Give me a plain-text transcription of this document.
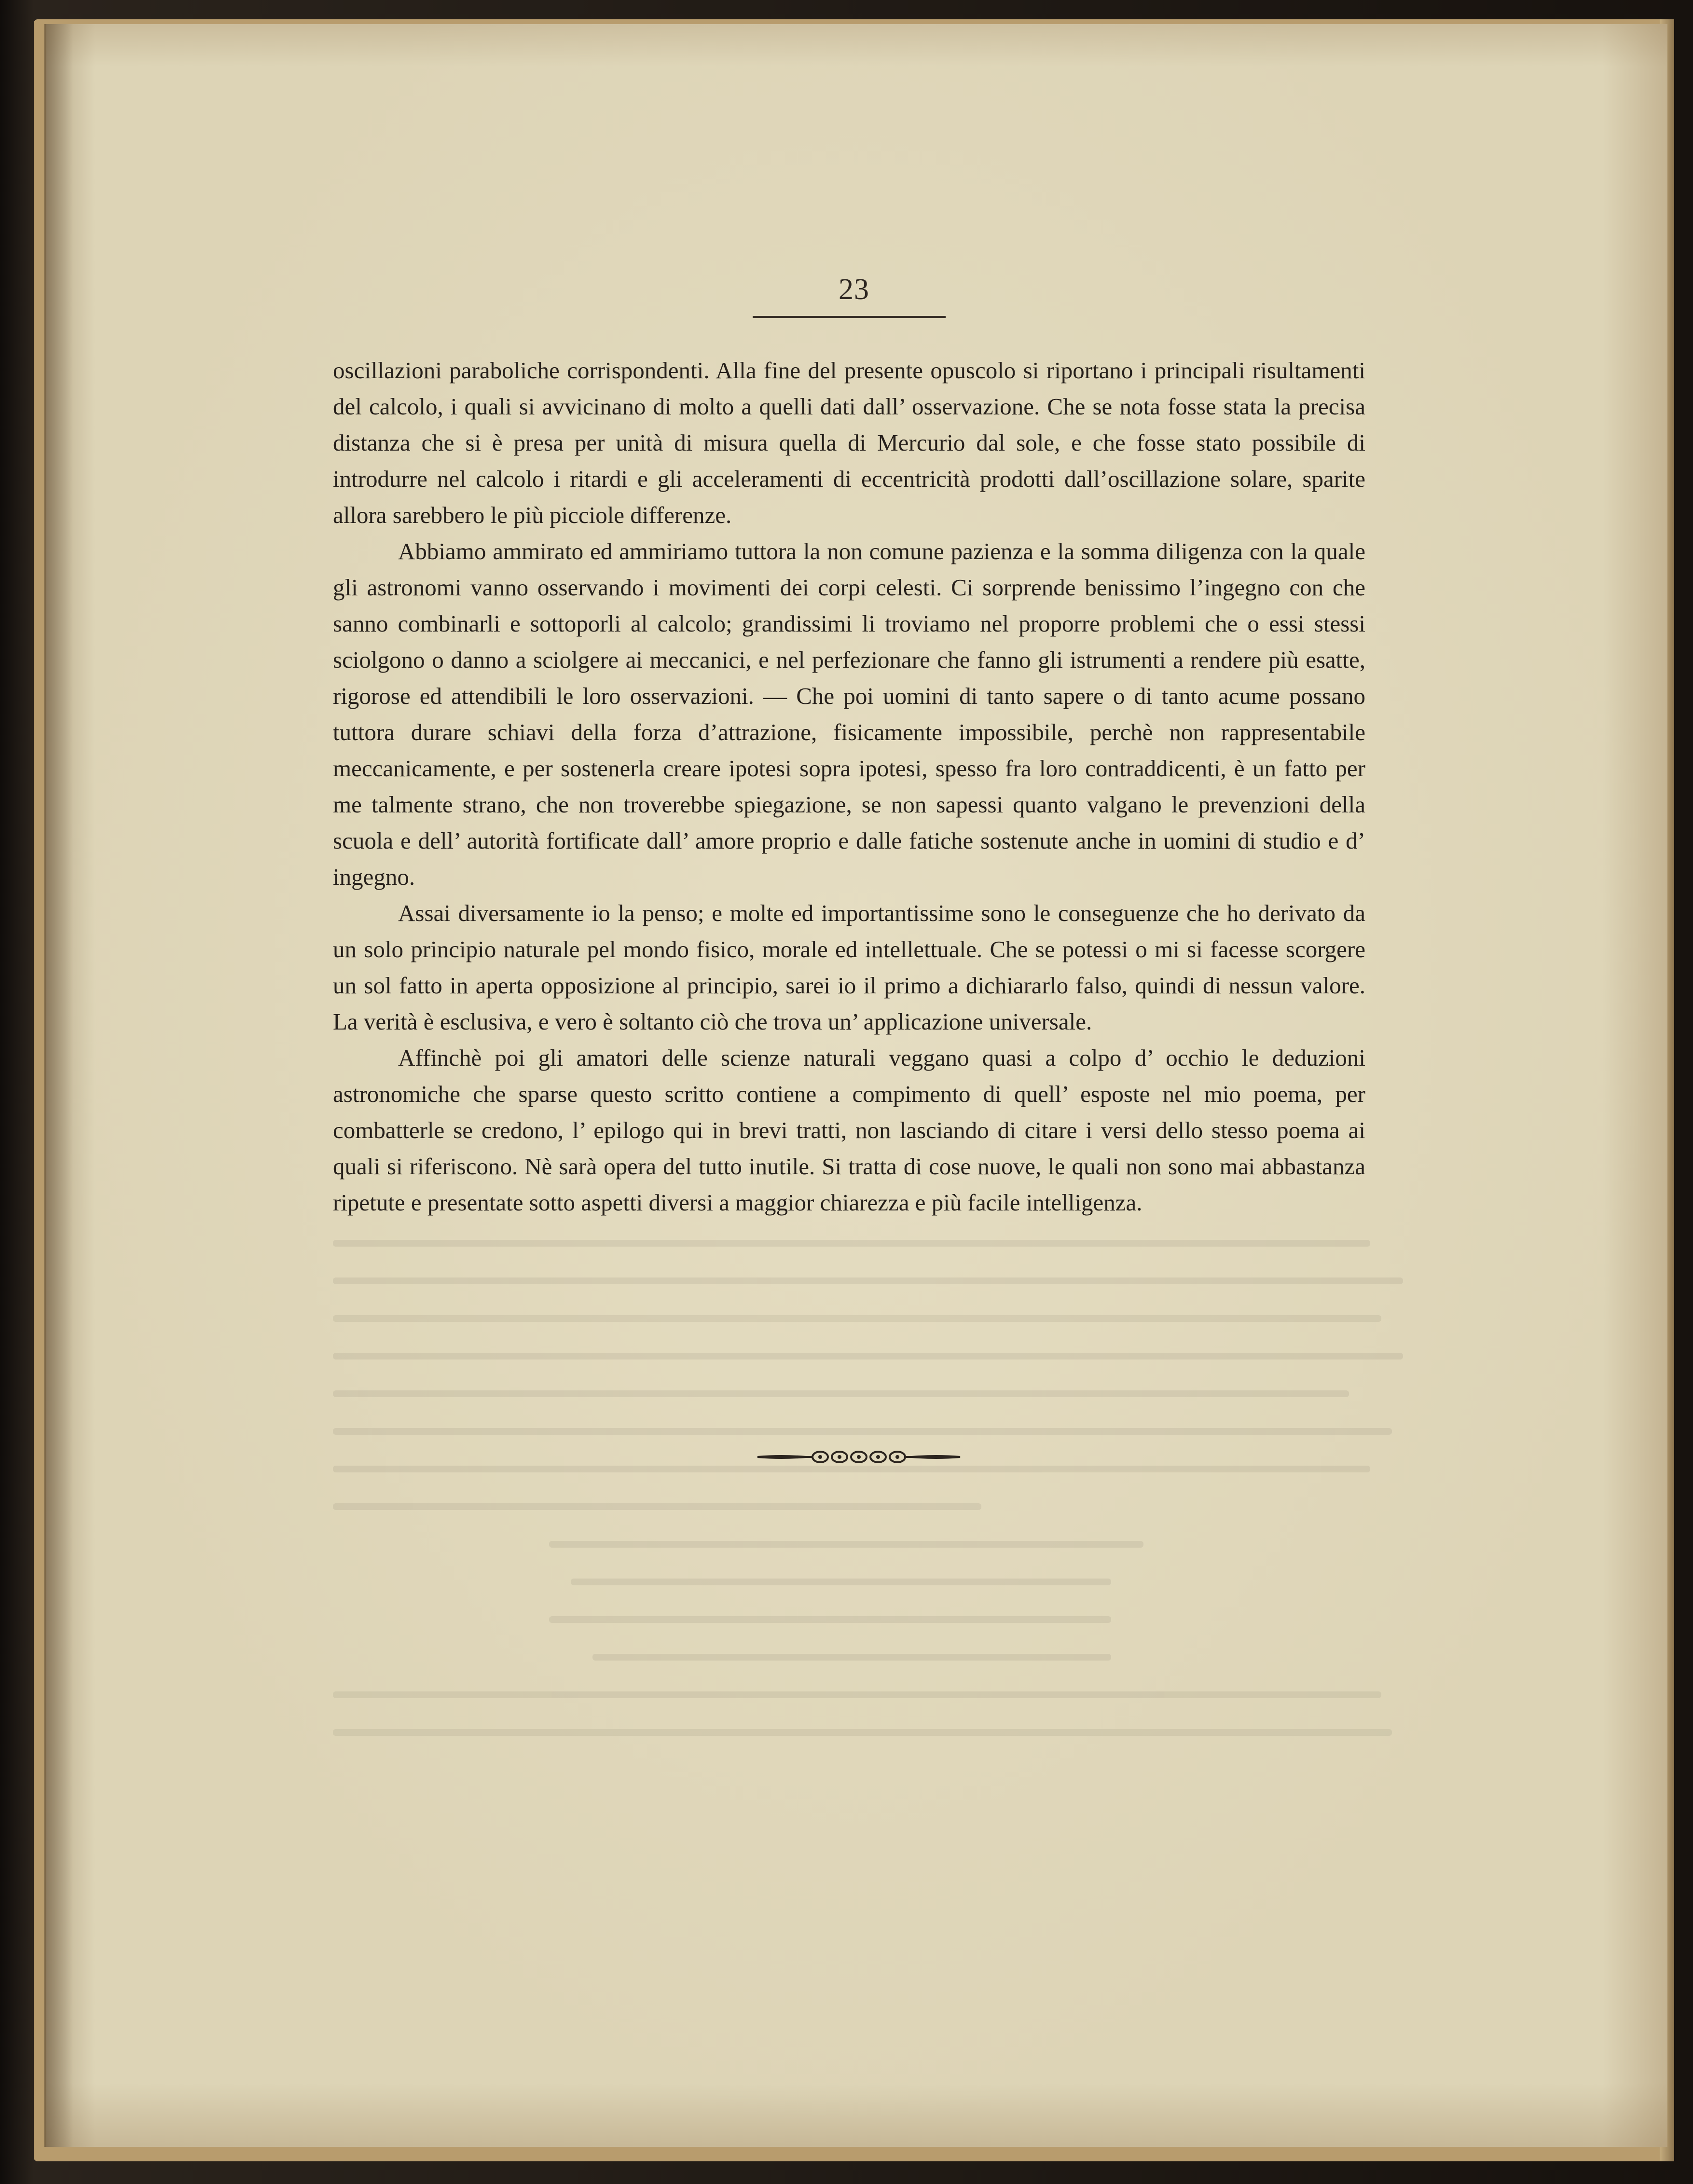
23

oscillazioni paraboliche corrispondenti. Alla fine del presente opuscolo si riportano i principali risultamenti del calcolo, i quali si avvicinano di molto a quelli dati dall’ osservazione. Che se nota fosse stata la precisa distanza che si è presa per unità di misura quella di Mercurio dal sole, e che fosse stato possibile di introdurre nel calcolo i ritardi e gli acceleramenti di eccentricità prodotti dall’oscillazione solare, sparite allora sarebbero le più picciole differenze.

Abbiamo ammirato ed ammiriamo tuttora la non comune pazienza e la somma diligenza con la quale gli astronomi vanno osservando i movimenti dei corpi celesti. Ci sorprende benissimo l’ingegno con che sanno combinarli e sottoporli al calcolo; grandissimi li troviamo nel proporre problemi che o essi stessi sciolgono o danno a sciolgere ai meccanici, e nel perfezionare che fanno gli istrumenti a rendere più esatte, rigorose ed attendibili le loro osservazioni. — Che poi uomini di tanto sapere o di tanto acume possano tuttora durare schiavi della forza d’attrazione, fisicamente impossibile, perchè non rappresentabile meccanicamente, e per sostenerla creare ipotesi sopra ipotesi, spesso fra loro contraddicenti, è un fatto per me talmente strano, che non troverebbe spiegazione, se non sapessi quanto valgano le prevenzioni della scuola e dell’ autorità fortificate dall’ amore proprio e dalle fatiche sostenute anche in uomini di studio e d’ ingegno.

Assai diversamente io la penso; e molte ed importantissime sono le conseguenze che ho derivato da un solo principio naturale pel mondo fisico, morale ed intellettuale. Che se potessi o mi si facesse scorgere un sol fatto in aperta opposizione al principio, sarei io il primo a dichiararlo falso, quindi di nessun valore. La verità è esclusiva, e vero è soltanto ciò che trova un’ applicazione universale.

Affinchè poi gli amatori delle scienze naturali veggano quasi a colpo d’ occhio le deduzioni astronomiche che sparse questo scritto contiene a compimento di quell’ esposte nel mio poema, per combatterle se credono, l’ epilogo qui in brevi tratti, non lasciando di citare i versi dello stesso poema ai quali si riferiscono. Nè sarà opera del tutto inutile. Si tratta di cose nuove, le quali non sono mai abbastanza ripetute e presentate sotto aspetti diversi a maggior chiarezza e più facile intelligenza.
